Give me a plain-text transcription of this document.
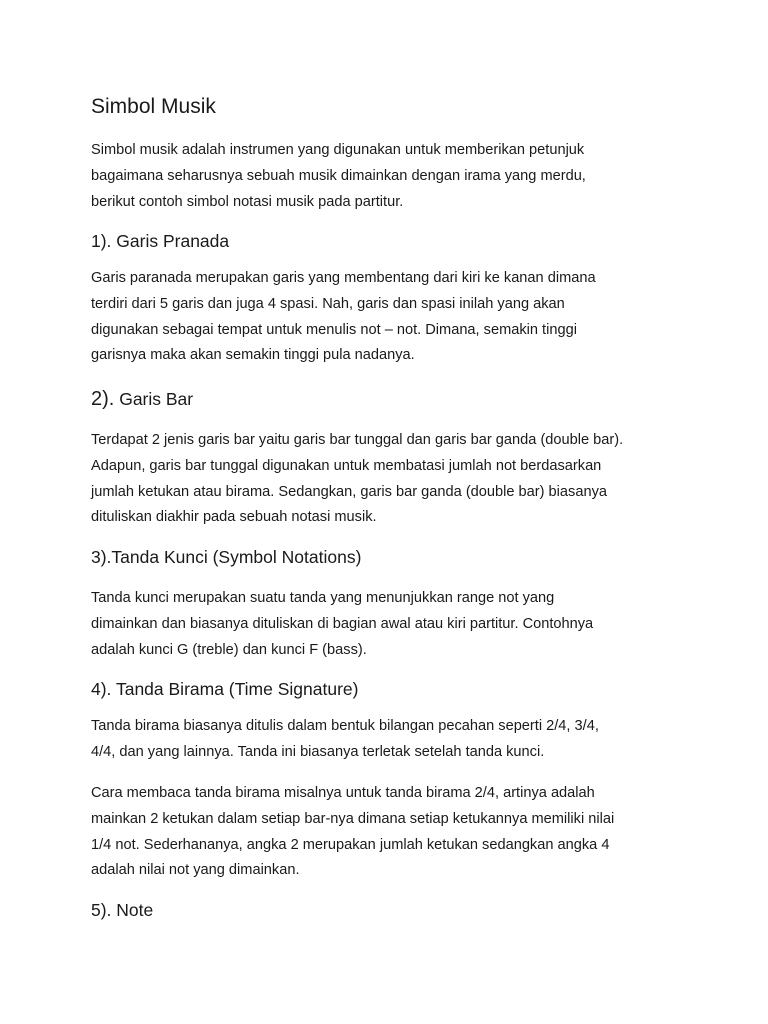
Simbol Musik

Simbol musik adalah instrumen yang digunakan untuk memberikan petunjuk
bagaimana seharusnya sebuah musik dimainkan dengan irama yang merdu,
berikut contoh simbol notasi musik pada partitur.

1). Garis Pranada

Garis paranada merupakan garis yang membentang dari kiri ke kanan dimana
terdiri dari 5 garis dan juga 4 spasi. Nah, garis dan spasi inilah yang akan
digunakan sebagai tempat untuk menulis not – not. Dimana, semakin tinggi
garisnya maka akan semakin tinggi pula nadanya.

2). Garis Bar

Terdapat 2 jenis garis bar yaitu garis bar tunggal dan garis bar ganda (double bar).
Adapun, garis bar tunggal digunakan untuk membatasi jumlah not berdasarkan
jumlah ketukan atau birama. Sedangkan, garis bar ganda (double bar) biasanya
dituliskan diakhir pada sebuah notasi musik.

3).Tanda Kunci (Symbol Notations)

Tanda kunci merupakan suatu tanda yang menunjukkan range not yang
dimainkan dan biasanya dituliskan di bagian awal atau kiri partitur. Contohnya
adalah kunci G (treble) dan kunci F (bass).

4). Tanda Birama (Time Signature)

Tanda birama biasanya ditulis dalam bentuk bilangan pecahan seperti 2/4, 3/4,
4/4, dan yang lainnya. Tanda ini biasanya terletak setelah tanda kunci.

Cara membaca tanda birama misalnya untuk tanda birama 2/4, artinya adalah
mainkan 2 ketukan dalam setiap bar-nya dimana setiap ketukannya memiliki nilai
1/4 not. Sederhananya, angka 2 merupakan jumlah ketukan sedangkan angka 4
adalah nilai not yang dimainkan.

5). Note
